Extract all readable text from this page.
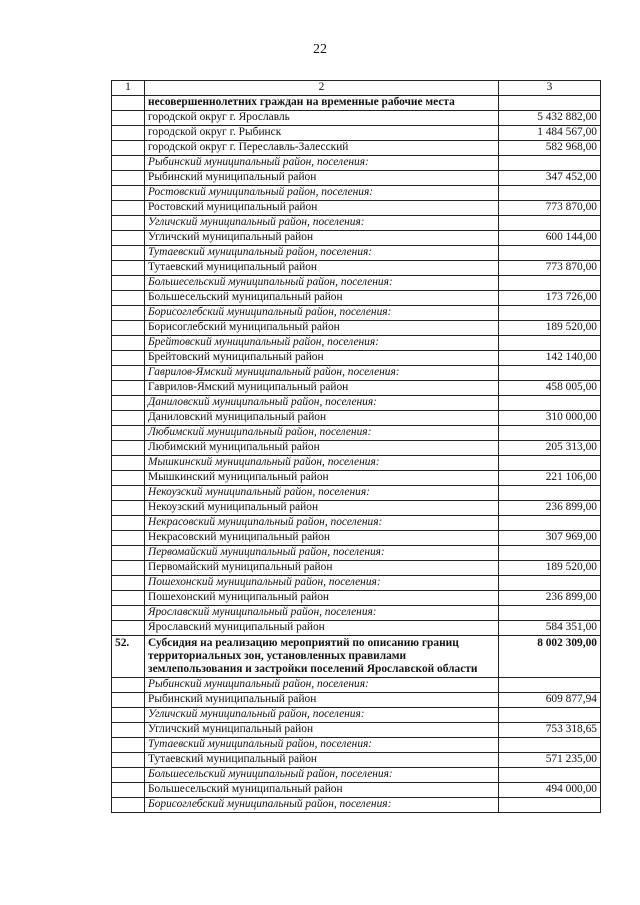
22
1	2	3
	несовершеннолетних граждан на временные рабочие места	
	городской округ г. Ярославль	5 432 882,00
	городской округ г. Рыбинск	1 484 567,00
	городской округ г. Переславль-Залесский	582 968,00
	Рыбинский муниципальный район, поселения:	
	Рыбинский муниципальный район	347 452,00
	Ростовский муниципальный район, поселения:	
	Ростовский муниципальный район	773 870,00
	Угличский муниципальный район, поселения:	
	Угличский муниципальный район	600 144,00
	Тутаевский муниципальный район, поселения:	
	Тутаевский муниципальный район	773 870,00
	Большесельский муниципальный район, поселения:	
	Большесельский муниципальный район	173 726,00
	Борисоглебский муниципальный район, поселения:	
	Борисоглебский муниципальный район	189 520,00
	Брейтовский муниципальный район, поселения:	
	Брейтовский муниципальный район	142 140,00
	Гаврилов-Ямский муниципальный район, поселения:	
	Гаврилов-Ямский муниципальный район	458 005,00
	Даниловский муниципальный район, поселения:	
	Даниловский муниципальный район	310 000,00
	Любимский муниципальный район, поселения:	
	Любимский муниципальный район	205 313,00
	Мышкинский муниципальный район, поселения:	
	Мышкинский муниципальный район	221 106,00
	Некоузский муниципальный район, поселения:	
	Некоузский муниципальный район	236 899,00
	Некрасовский муниципальный район, поселения:	
	Некрасовский муниципальный район	307 969,00
	Первомайский муниципальный район, поселения:	
	Первомайский муниципальный район	189 520,00
	Пошехонский муниципальный район, поселения:	
	Пошехонский муниципальный район	236 899,00
	Ярославский муниципальный район, поселения:	
	Ярославский муниципальный район	584 351,00
52.	Субсидия на реализацию мероприятий по описанию границ территориальных зон, установленных правилами землепользования и застройки поселений Ярославской области	8 002 309,00
	Рыбинский муниципальный район, поселения:	
	Рыбинский муниципальный район	609 877,94
	Угличский муниципальный район, поселения:	
	Угличский муниципальный район	753 318,65
	Тутаевский муниципальный район, поселения:	
	Тутаевский муниципальный район	571 235,00
	Большесельский муниципальный район, поселения:	
	Большесельский муниципальный район	494 000,00
	Борисоглебский муниципальный район, поселения:	
